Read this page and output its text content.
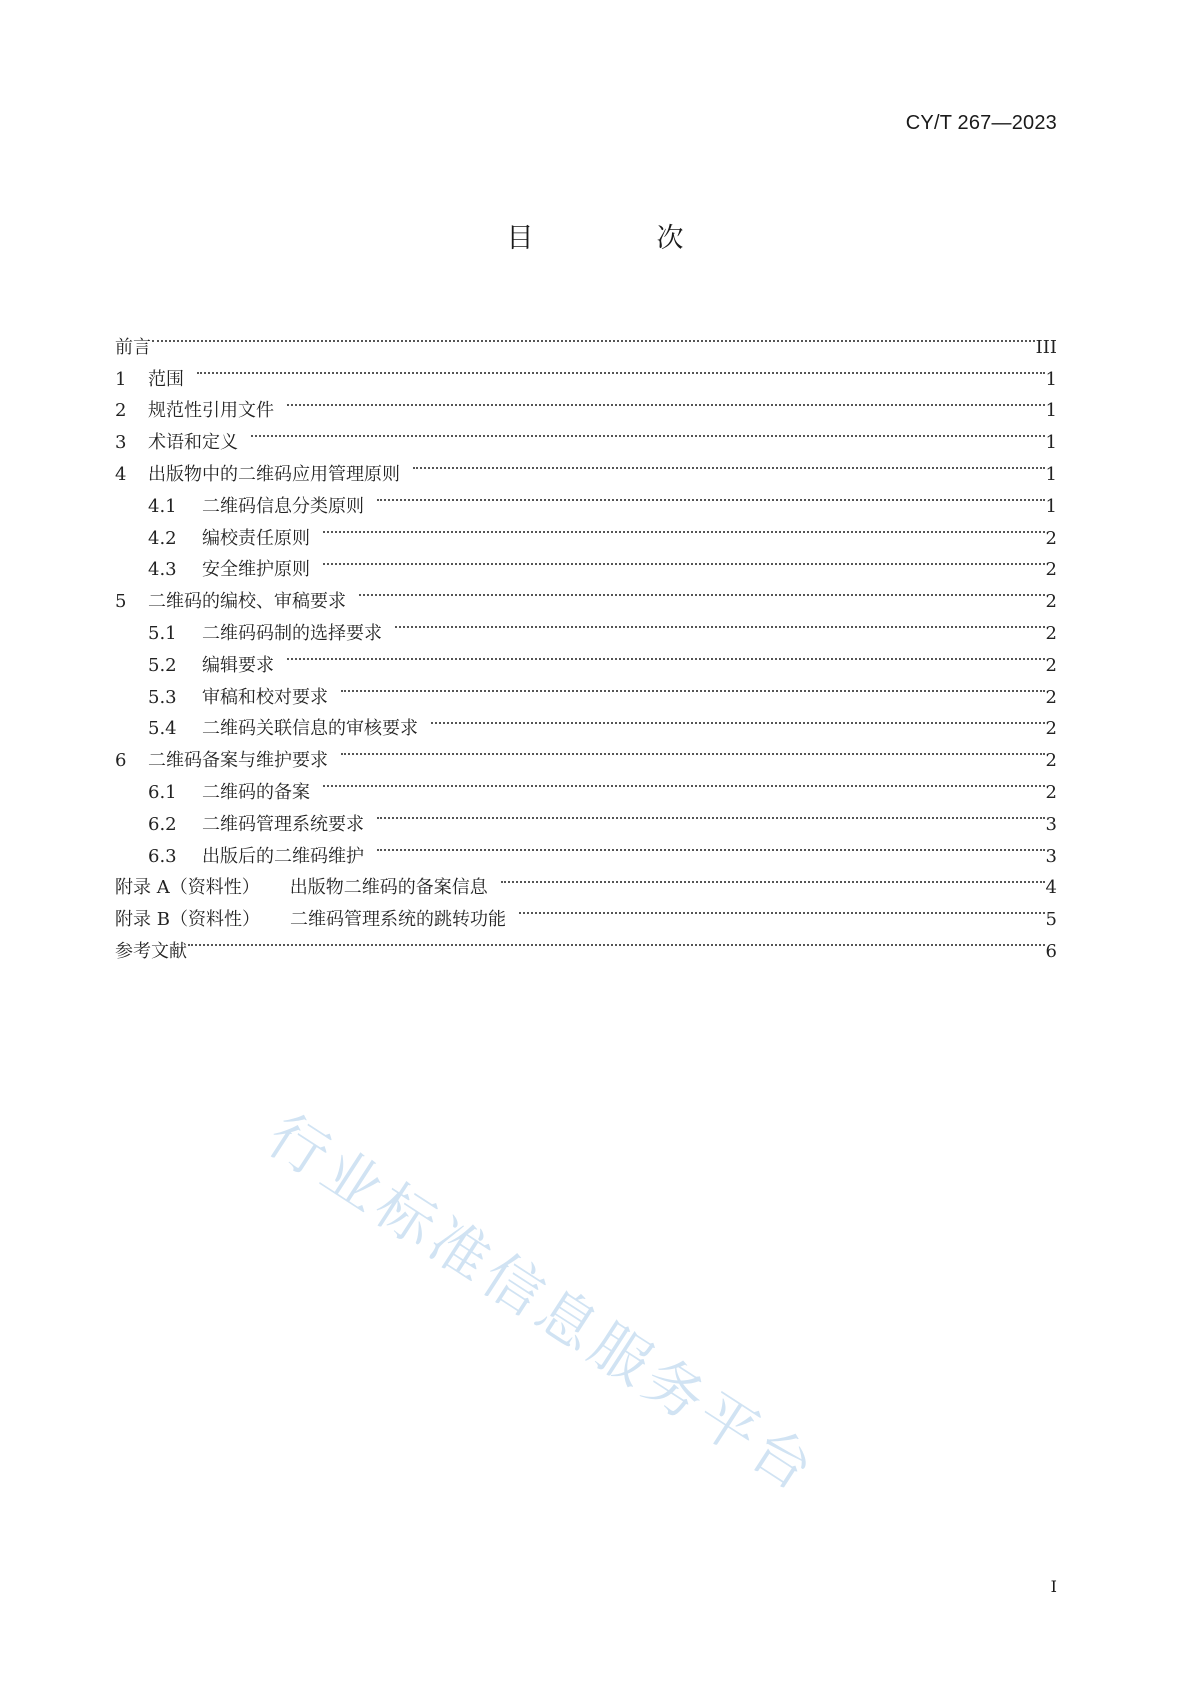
CY/T 267—2023
目　次
前言	III
1	范围	1
2	规范性引用文件	1
3	术语和定义	1
4	出版物中的二维码应用管理原则	1
4.1	二维码信息分类原则	1
4.2	编校责任原则	2
4.3	安全维护原则	2
5	二维码的编校、审稿要求	2
5.1	二维码码制的选择要求	2
5.2	编辑要求	2
5.3	审稿和校对要求	2
5.4	二维码关联信息的审核要求	2
6	二维码备案与维护要求	2
6.1	二维码的备案	2
6.2	二维码管理系统要求	3
6.3	出版后的二维码维护	3
附录 A（资料性） 出版物二维码的备案信息	4
附录 B（资料性） 二维码管理系统的跳转功能	5
参考文献	6
行业标准信息服务平台
I
